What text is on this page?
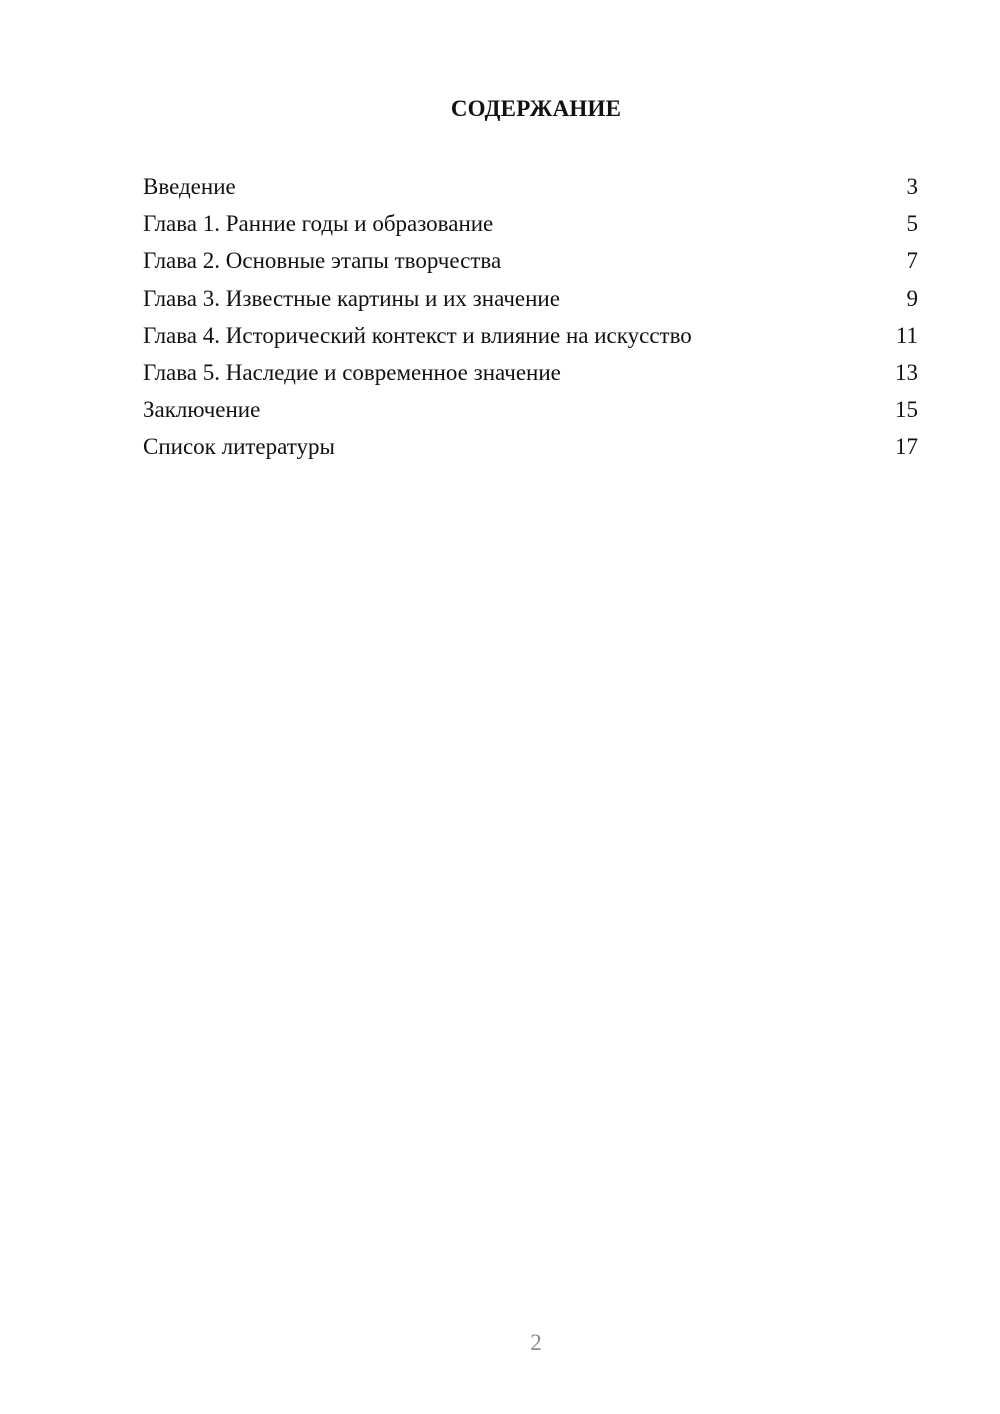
СОДЕРЖАНИЕ
Введение	3
Глава 1. Ранние годы и образование	5
Глава 2. Основные этапы творчества	7
Глава 3. Известные картины и их значение	9
Глава 4. Исторический контекст и влияние на искусство	11
Глава 5. Наследие и современное значение	13
Заключение	15
Список литературы	17
2
